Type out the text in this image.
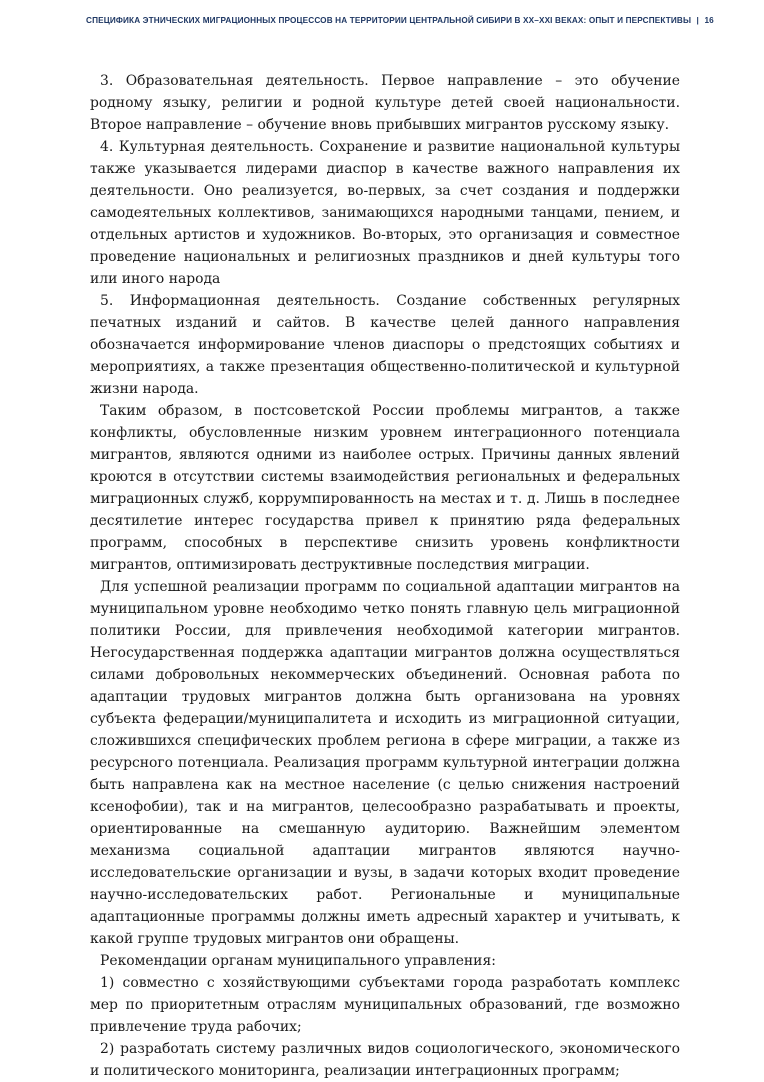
СПЕЦИФИКА ЭТНИЧЕСКИХ МИГРАЦИОННЫХ ПРОЦЕССОВ НА ТЕРРИТОРИИ ЦЕНТРАЛЬНОЙ СИБИРИ В XX–XXI ВЕКАХ: ОПЫТ И ПЕРСПЕКТИВЫ | 16

3. Образовательная деятельность. Первое направление – это обучение родному языку, религии и родной культуре детей своей национальности. Второе направление – обучение вновь прибывших мигрантов русскому языку.

4. Культурная деятельность. Сохранение и развитие национальной культуры также указывается лидерами диаспор в качестве важного направления их деятельности. Оно реализуется, во-первых, за счет создания и поддержки самодеятельных коллективов, занимающихся народными танцами, пением, и отдельных артистов и художников. Во-вторых, это организация и совместное проведение национальных и религиозных праздников и дней культуры того или иного народа

5. Информационная деятельность. Создание собственных регулярных печатных изданий и сайтов. В качестве целей данного направления обозначается информирование членов диаспоры о предстоящих событиях и мероприятиях, а также презентация общественно-политической и культурной жизни народа.

Таким образом, в постсоветской России проблемы мигрантов, а также конфликты, обусловленные низким уровнем интеграционного потенциала мигрантов, являются одними из наиболее острых. Причины данных явлений кроются в отсутствии системы взаимодействия региональных и федеральных миграционных служб, коррумпированность на местах и т. д. Лишь в последнее десятилетие интерес государства привел к принятию ряда федеральных программ, способных в перспективе снизить уровень конфликтности мигрантов, оптимизировать деструктивные последствия миграции.

Для успешной реализации программ по социальной адаптации мигрантов на муниципальном уровне необходимо четко понять главную цель миграционной политики России, для привлечения необходимой категории мигрантов. Негосударственная поддержка адаптации мигрантов должна осуществляться силами добровольных некоммерческих объединений. Основная работа по адаптации трудовых мигрантов должна быть организована на уровнях субъекта федерации/муниципалитета и исходить из миграционной ситуации, сложившихся специфических проблем региона в сфере миграции, а также из ресурсного потенциала. Реализация программ культурной интеграции должна быть направлена как на местное население (с целью снижения настроений ксенофобии), так и на мигрантов, целесообразно разрабатывать и проекты, ориентированные на смешанную аудиторию. Важнейшим элементом механизма социальной адаптации мигрантов являются научно-исследовательские организации и вузы, в задачи которых входит проведение научно-исследовательских работ. Региональные и муниципальные адаптационные программы должны иметь адресный характер и учитывать, к какой группе трудовых мигрантов они обращены.

Рекомендации органам муниципального управления:

1) совместно с хозяйствующими субъектами города разработать комплекс мер по приоритетным отраслям муниципальных образований, где возможно привлечение труда рабочих;

2) разработать систему различных видов социологического, экономического и политического мониторинга, реализации интеграционных программ;
